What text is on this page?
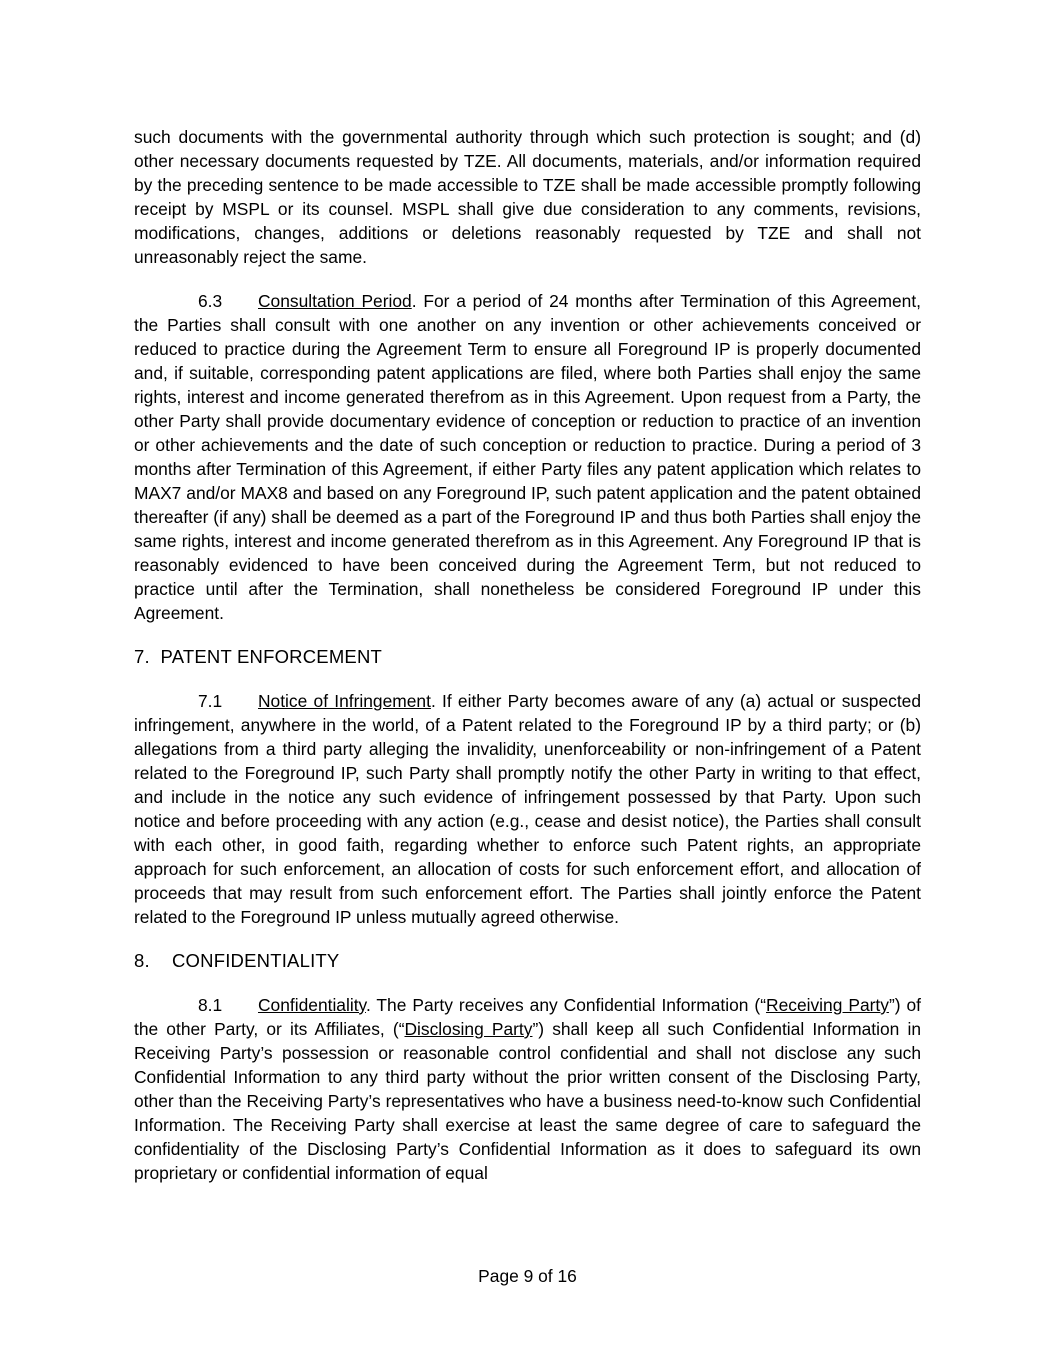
such documents with the governmental authority through which such protection is sought; and (d) other necessary documents requested by TZE. All documents, materials, and/or information required by the preceding sentence to be made accessible to TZE shall be made accessible promptly following receipt by MSPL or its counsel. MSPL shall give due consideration to any comments, revisions, modifications, changes, additions or deletions reasonably requested by TZE and shall not unreasonably reject the same.

6.3 Consultation Period. For a period of 24 months after Termination of this Agreement, the Parties shall consult with one another on any invention or other achievements conceived or reduced to practice during the Agreement Term to ensure all Foreground IP is properly documented and, if suitable, corresponding patent applications are filed, where both Parties shall enjoy the same rights, interest and income generated therefrom as in this Agreement. Upon request from a Party, the other Party shall provide documentary evidence of conception or reduction to practice of an invention or other achievements and the date of such conception or reduction to practice. During a period of 3 months after Termination of this Agreement, if either Party files any patent application which relates to MAX7 and/or MAX8 and based on any Foreground IP, such patent application and the patent obtained thereafter (if any) shall be deemed as a part of the Foreground IP and thus both Parties shall enjoy the same rights, interest and income generated therefrom as in this Agreement. Any Foreground IP that is reasonably evidenced to have been conceived during the Agreement Term, but not reduced to practice until after the Termination, shall nonetheless be considered Foreground IP under this Agreement.

7. PATENT ENFORCEMENT

7.1 Notice of Infringement. If either Party becomes aware of any (a) actual or suspected infringement, anywhere in the world, of a Patent related to the Foreground IP by a third party; or (b) allegations from a third party alleging the invalidity, unenforceability or non-infringement of a Patent related to the Foreground IP, such Party shall promptly notify the other Party in writing to that effect, and include in the notice any such evidence of infringement possessed by that Party. Upon such notice and before proceeding with any action (e.g., cease and desist notice), the Parties shall consult with each other, in good faith, regarding whether to enforce such Patent rights, an appropriate approach for such enforcement, an allocation of costs for such enforcement effort, and allocation of proceeds that may result from such enforcement effort. The Parties shall jointly enforce the Patent related to the Foreground IP unless mutually agreed otherwise.

8. CONFIDENTIALITY

8.1 Confidentiality. The Party receives any Confidential Information (“Receiving Party”) of the other Party, or its Affiliates, (“Disclosing Party”) shall keep all such Confidential Information in Receiving Party’s possession or reasonable control confidential and shall not disclose any such Confidential Information to any third party without the prior written consent of the Disclosing Party, other than the Receiving Party’s representatives who have a business need-to-know such Confidential Information. The Receiving Party shall exercise at least the same degree of care to safeguard the confidentiality of the Disclosing Party’s Confidential Information as it does to safeguard its own proprietary or confidential information of equal

Page 9 of 16
